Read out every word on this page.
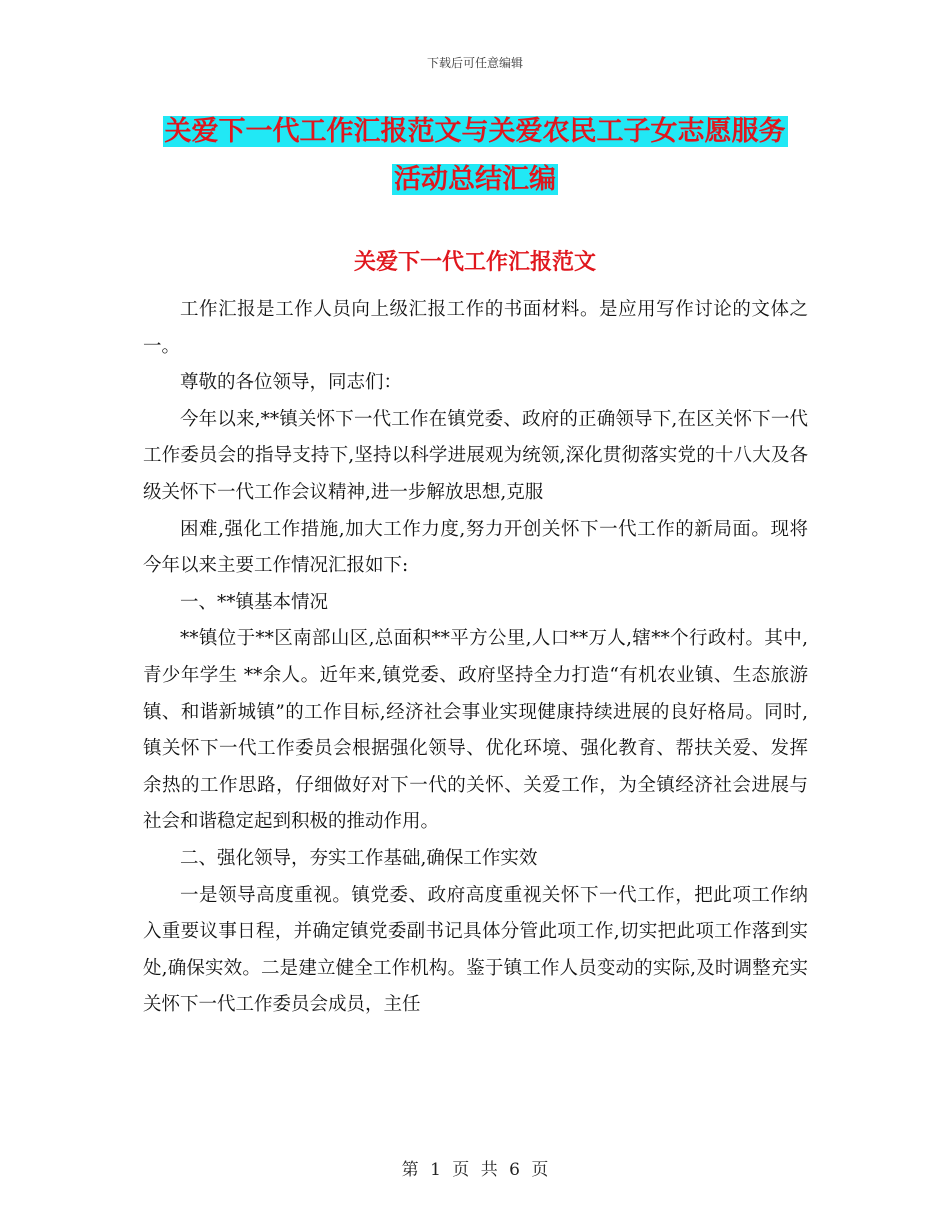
下载后可任意编辑
关爱下一代工作汇报范文与关爱农民工子女志愿服务
活动总结汇编
关爱下一代工作汇报范文

工作汇报是工作人员向上级汇报工作的书面材料。是应用写作讨论的文体之一。

尊敬的各位领导，同志们：

今年以来,**镇关怀下一代工作在镇党委、政府的正确领导下,在区关怀下一代工作委员会的指导支持下,坚持以科学进展观为统领,深化贯彻落实党的十八大及各级关怀下一代工作会议精神,进一步解放思想,克服

困难,强化工作措施,加大工作力度,努力开创关怀下一代工作的新局面。现将今年以来主要工作情况汇报如下:

一、**镇基本情况

**镇位于**区南部山区,总面积**平方公里,人口**万人,辖**个行政村。其中,青少年学生 **余人。近年来,镇党委、政府坚持全力打造“有机农业镇、生态旅游镇、和谐新城镇”的工作目标,经济社会事业实现健康持续进展的良好格局。同时,镇关怀下一代工作委员会根据强化领导、优化环境、强化教育、帮扶关爱、发挥余热的工作思路，仔细做好对下一代的关怀、关爱工作，为全镇经济社会进展与社会和谐稳定起到积极的推动作用。

二、强化领导，夯实工作基础,确保工作实效

一是领导高度重视。镇党委、政府高度重视关怀下一代工作，把此项工作纳入重要议事日程，并确定镇党委副书记具体分管此项工作,切实把此项工作落到实处,确保实效。二是建立健全工作机构。鉴于镇工作人员变动的实际,及时调整充实关怀下一代工作委员会成员，主任

第 1 页 共 6 页
